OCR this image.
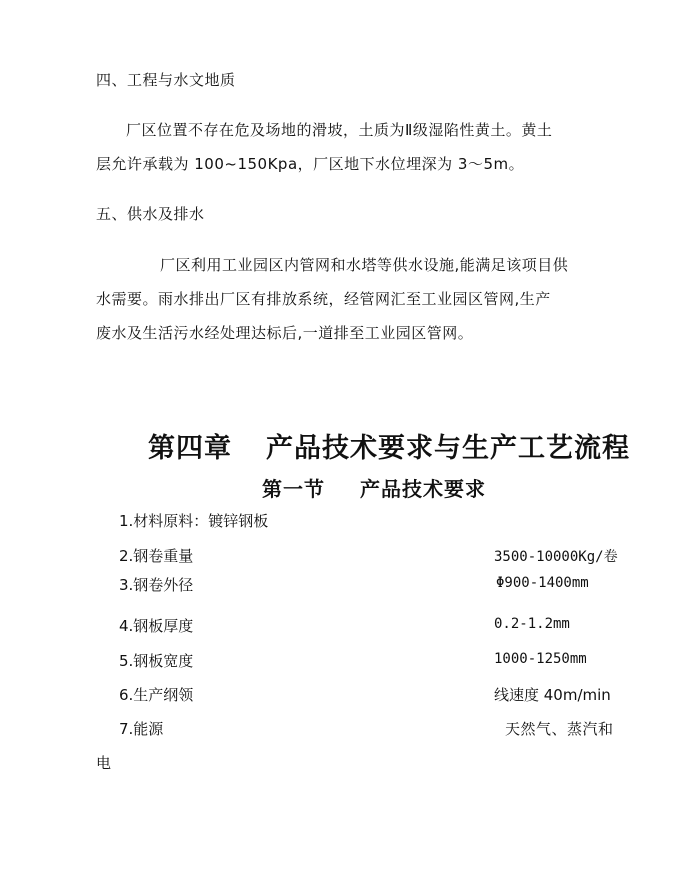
四、工程与水文地质
厂区位置不存在危及场地的滑坡，土质为Ⅱ级湿陷性黄土。黄土
层允许承载为 100~150Kpa，厂区地下水位埋深为 3～5m。
五、供水及排水
厂区利用工业园区内管网和水塔等供水设施,能满足该项目供
水需要。雨水排出厂区有排放系统，经管网汇至工业园区管网,生产
废水及生活污水经处理达标后,一道排至工业园区管网。
第四章 产品技术要求与生产工艺流程
第一节 产品技术要求
1.材料原料：镀锌钢板
2.钢卷重量	3500-10000Kg/卷
3.钢卷外径	Φ900-1400mm
4.钢板厚度	0.2-1.2mm
5.钢板宽度	1000-1250mm
6.生产纲领	线速度 40m/min
7.能源	天然气、蒸汽和
电
